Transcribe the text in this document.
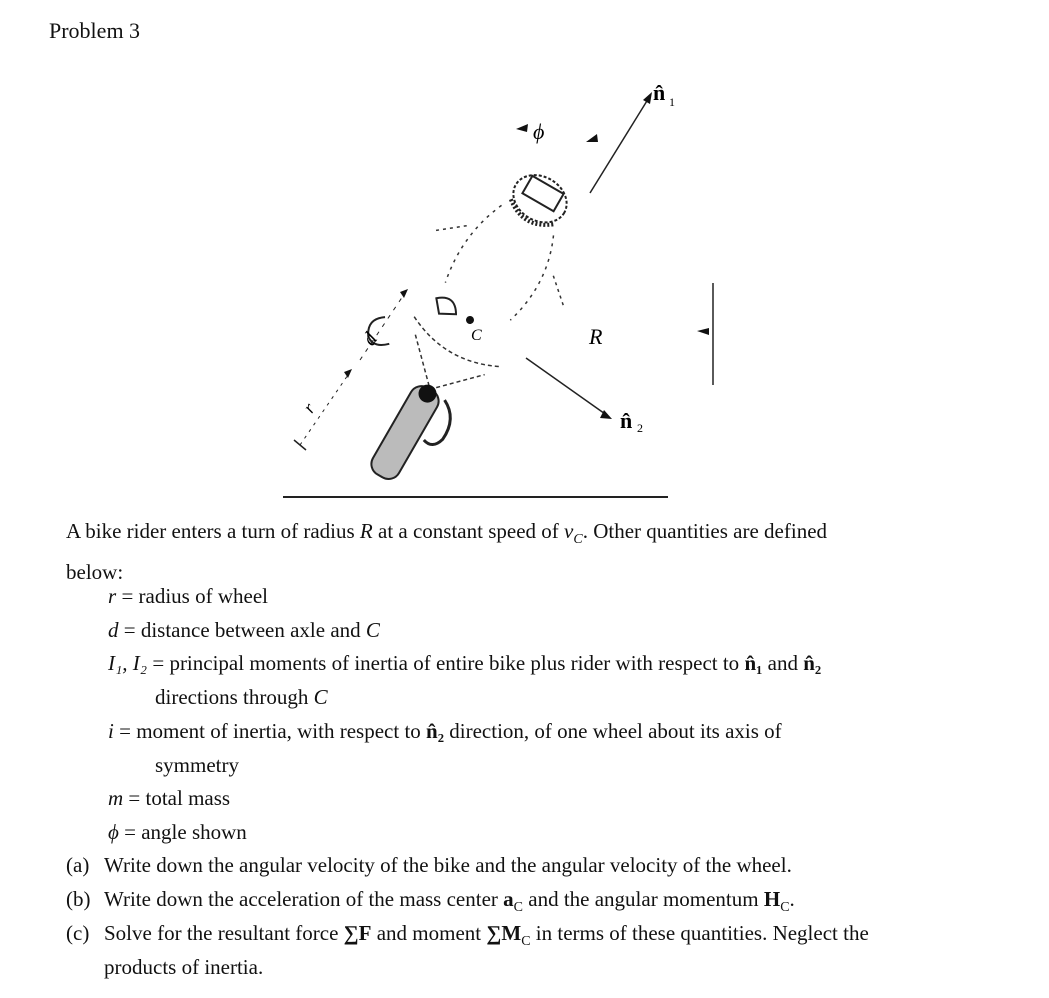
Problem 3
ϕ
d
r
R
C
n̂ 1
n̂ 2
A bike rider enters a turn of radius R at a constant speed of $v_C$. Other quantities are defined
below:
r = radius of wheel
d = distance between axle and C
I₁, I₂ = principal moments of inertia of entire bike plus rider with respect to n̂₁ and n̂₂
directions through C
i = moment of inertia, with respect to n̂₂ direction, of one wheel about its axis of
symmetry
m = total mass
ϕ = angle shown
(a) Write down the angular velocity of the bike and the angular velocity of the wheel.
(b) Write down the acceleration of the mass center $a_C$ and the angular momentum $H_C$.
(c) Solve for the resultant force ∑F and moment $\sum M_C$ in terms of these quantities. Neglect the
products of inertia.
